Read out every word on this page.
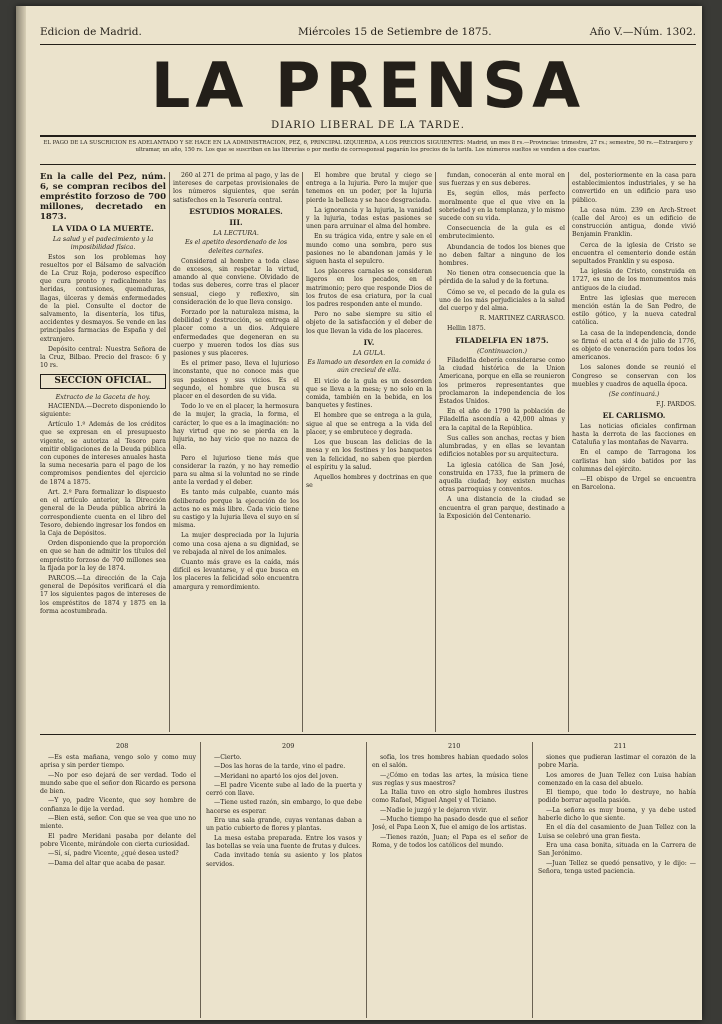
Edicion de Madrid.	Miércoles 15 de Setiembre de 1875.	Año V.—Núm. 1302.
LA PRENSA
DIARIO LIBERAL DE LA TARDE.
EL PAGO DE LA SUSCRICION ES ADELANTADO Y SE HACE EN LA ADMINISTRACION, PEZ, 6, PRINCIPAL IZQUIERDA, A LOS PRECIOS SIGUIENTES: Madrid, un mes 8 rs.—Provincias: trimestre, 27 rs.; semestre, 50 rs.—Extranjero y ultramar, un año, 150 rs. Los que se suscriban en las librerías o por medio de corresponsal pagarán los precios de la tarifa. Los números sueltos se venden a dos cuartos.

En la calle del Pez, núm. 6, se compran recibos del empréstito forzoso de 700 millones, decretado en 1873.

LA VIDA O LA MUERTE.
La salud y el padecimiento y la imposibilidad física.

Estos son los problemas hoy resueltos por el Bálsamo de salvación de La Cruz Roja, poderoso específico que cura pronto y radicalmente las heridas, contusiones, quemaduras, llagas, úlceras y demás enfermedades de la piel. Consulte el doctor de salvamento, la disentería, los tifus, accidentes y desmayos. Se vende en las principales farmacias de España y del extranjero.

Depósito central: Nuestra Señora de la Cruz, Bilbao. Precio del frasco: 6 y 10 rs.

SECCION OFICIAL.
Extracto de la Gaceta de hoy.

HACIENDA.—Decreto disponiendo lo siguiente:

Artículo 1.º Además de los créditos que se expresan en el presupuesto vigente, se autoriza al Tesoro para emitir obligaciones de la Deuda pública con cupones de intereses anuales hasta la suma necesaria para el pago de los compromisos pendientes del ejercicio de 1874 a 1875.

Art. 2.º Para formalizar lo dispuesto en el artículo anterior, la Dirección general de la Deuda pública abrirá la correspondiente cuenta en el libro del Tesoro, debiendo ingresar los fondos en la Caja de Depósitos.

Orden disponiendo que la proporción en que se han de admitir los títulos del empréstito forzoso de 700 millones sea la fijada por la ley de 1874.

PARCOS.—La dirección de la Caja general de Depósitos verificará el día 17 los siguientes pagos de intereses de los empréstitos de 1874 y 1875 en la forma acostumbrada.

260 al 271 de prima al pago, y las de intereses de carpetas provisionales de los números siguientes, que serán satisfechos en la Tesorería central.

ESTUDIOS MORALES.
III.
LA LECTURA.

Es el apetito desordenado de los deleites carnales.

Considerad al hombre a toda clase de excesos, sin respetar la virtud, amando al que conviene. Olvidado de todas sus deberes, corre tras el placer sensual, ciego y reflexivo, sin consideración de lo que lleva consigo.

Forzado por la naturaleza misma, la debilidad y destrucción, se entrega al placer como a un dios. Adquiere enfermedades que degeneran en su cuerpo y mueren todos los días sus pasiones y sus placeres.

Es el primer paso, lleva el lujurioso inconstante, que no conoce más que sus pasiones y sus vicios. Es el segundo, el hombre que busca su placer en el desorden de su vida.

Todo lo ve en el placer, la hermosura de la mujer, la gracia, la forma, el carácter, lo que es a la imaginación: no hay virtud que no se pierda en la lujuria, no hay vicio que no nazca de ella.

Pero el lujurioso tiene más que considerar la razón, y no hay remedio para su alma si la voluntad no se rinde ante la verdad y el deber.

Es tanto más culpable, cuanto más deliberado porque la ejecución de los actos no es más libre. Cada vicio tiene su castigo y la lujuria lleva el suyo en sí misma.

La mujer despreciada por la lujuria como una cosa ajena a su dignidad, se ve rebajada al nivel de los animales.

Cuanto más grave es la caída, más difícil es levantarse, y el que busca en los placeres la felicidad sólo encuentra amargura y remordimiento.

El hombre que brutal y ciego se entrega a la lujuria. Pero la mujer que tenemos en un poder, por la lujuria pierde la belleza y se hace desgraciada.

La ignorancia y la lujuria, la vanidad y la lujuria, todas estas pasiones se unen para arruinar el alma del hombre.

En su trágica vida, entre y sale en el mundo como una sombra, pero sus pasiones no le abandonan jamás y le siguen hasta el sepulcro.

Los placeres carnales se consideran ligeros en los pecados, en el matrimonio; pero que responde Dios de los frutos de esa criatura, por la cual los padres responden ante el mundo.

Pero no sabe siempre su sitio el objeto de la satisfacción y el deber de los que llevan la vida de los placeres.

IV.
LA GULA.

Es llamado un desorden en la comida ó aún crecieul de ella.

El vicio de la gula es un desorden que se lleva a la mesa; y no solo en la comida, también en la bebida, en los banquetes y festines.

El hombre que se entrega a la gula, sigue al que se entrega a la vida del placer, y se embrutece y degrada.

Los que buscan las delicias de la mesa y en los festines y los banquetes ven la felicidad, no saben que pierden el espíritu y la salud.

Aquellos hombres y doctrinas en que se

fundan, conocerán al ente moral en sus fuerzas y en sus deberes.

Es, según ellos, más perfecto moralmente que el que vive en la sobriedad y en la templanza, y lo mismo sucede con su vida.

Consecuencia de la gula es el embrutecimiento.

Abundancia de todos los bienes que no deben faltar a ninguno de los hombres.

No tienen otra consecuencia que la pérdida de la salud y de la fortuna.

Cómo se ve, el pecado de la gula es uno de los más perjudiciales a la salud del cuerpo y del alma.

R. MARTINEZ CARRASCO.

Hellin 1875.

FILADELFIA EN 1875.
(Continuacion.)

Filadelfia debería considerarse como la ciudad histórica de la Union Americana, porque en ella se reunieron los primeros representantes que proclamaron la independencia de los Estados Unidos.

En el año de 1790 la población de Filadelfia ascendía a 42,000 almas y era la capital de la República.

Sus calles son anchas, rectas y bien alumbradas, y en ellas se levantan edificios notables por su arquitectura.

La iglesia católica de San José, construida en 1733, fue la primera de aquella ciudad; hoy existen muchas otras parroquias y conventos.

A una distancia de la ciudad se encuentra el gran parque, destinado a la Exposición del Centenario.

del, posteriormente en la casa para establecimientos industriales, y se ha convertido en un edificio para uso público.

La casa núm. 239 en Arch-Street (calle del Arco) es un edificio de construcción antigua, donde vivió Benjamin Franklin.

Cerca de la iglesia de Cristo se encuentra el cementerio donde están sepultados Franklin y su esposa.

La iglesia de Cristo, construida en 1727, es uno de los monumentos más antiguos de la ciudad.

Entre las iglesias que merecen mención están la de San Pedro, de estilo gótico, y la nueva catedral católica.

La casa de la independencia, donde se firmó el acta el 4 de julio de 1776, es objeto de veneración para todos los americanos.

Los salones donde se reunió el Congreso se conservan con los muebles y cuadros de aquella época.

(Se continuará.)

F.J. PARDOS.

EL CARLISMO.

Las noticias oficiales confirman hasta la derrota de las facciones en Cataluña y las montañas de Navarra.

En el campo de Tarragona los carlistas han sido batidos por las columnas del ejército.

—El obispo de Urgel se encuentra en Barcelona.

208	209	210	211

—Es esta mañana, vengo solo y como muy aprisa y sin perder tiempo.

—No por eso dejará de ser verdad. Todo el mundo sabe que el señor don Ricardo es persona de bien.

—Y yo, padre Vicente, que soy hombre de confianza le dije la verdad.

—Bien está, señor. Con que se vea que uno no miente.

El padre Meridani pasaba por delante del pobre Vicente, mirándole con cierta curiosidad.

—Sí, sí, padre Vicente, ¿qué desea usted?

—Dama del altar que acaba de pasar.

—Cierto.

—Dos las horas de la tarde, vino el padre.

—Meridani no apartó los ojos del joven.

—El padre Vicente sube al lado de la puerta y cerró con llave.

—Tiene usted razón, sin embargo, lo que debe hacerse es esperar.

Era una sala grande, cuyas ventanas daban a un patio cubierto de flores y plantas.

La mesa estaba preparada. Entre los vasos y las botellas se veía una fuente de frutas y dulces.

Cada invitado tenía su asiento y los platos servidos.

sofía, los tres hombres habían quedado solos en el salón.

—¿Cómo en todas las artes, la música tiene sus reglas y sus maestros?

La Italia tuvo en otro siglo hombres ilustres como Rafael, Miguel Angel y el Ticiano.

—Nadie le juzgó y le dejaron vivir.

—Mucho tiempo ha pasado desde que el señor José, el Papa Leon X, fue el amigo de los artistas.

—Tienes razón, Juan; el Papa es el señor de Roma, y de todos los católicos del mundo.

siones que pudieran lastimar el corazón de la pobre María.

Los amores de Juan Tellez con Luisa habían comenzado en la casa del abuelo.

El tiempo, que todo lo destruye, no había podido borrar aquella pasión.

—La señora es muy buena, y ya debe usted haberle dicho lo que siente.

En el día del casamiento de Juan Tellez con la Luisa se celebró una gran fiesta.

Era una casa bonita, situada en la Carrera de San Jerónimo.

—Juan Tellez se quedó pensativo, y le dijo: —Señora, tenga usted paciencia.
